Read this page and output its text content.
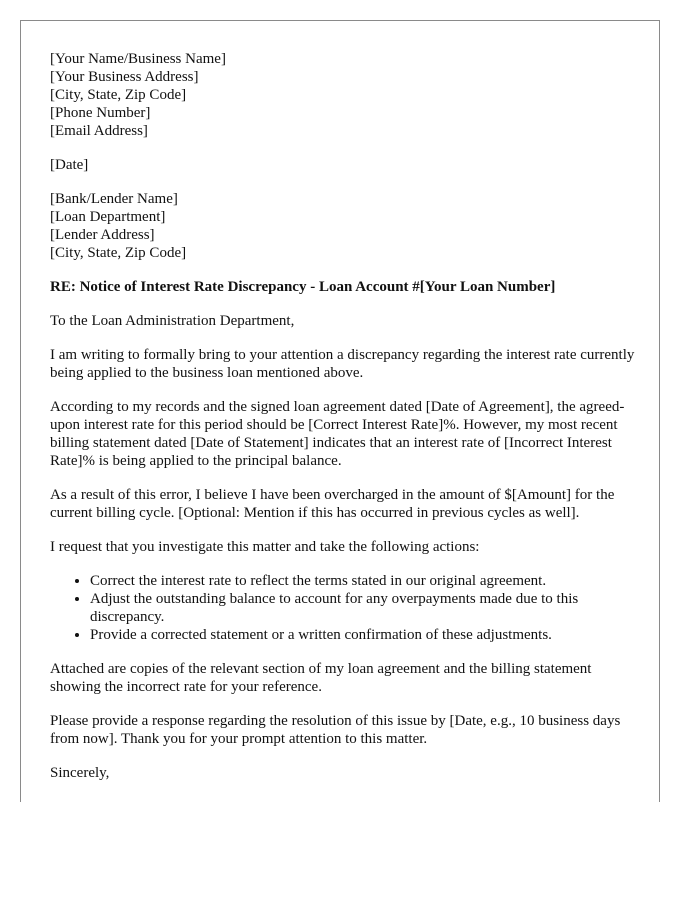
[Your Name/Business Name]
[Your Business Address]
[City, State, Zip Code]
[Phone Number]
[Email Address]
[Date]
[Bank/Lender Name]
[Loan Department]
[Lender Address]
[City, State, Zip Code]

RE: Notice of Interest Rate Discrepancy - Loan Account #[Your Loan Number]

To the Loan Administration Department,

I am writing to formally bring to your attention a discrepancy regarding the interest rate currently being applied to the business loan mentioned above.

According to my records and the signed loan agreement dated [Date of Agreement], the agreed-upon interest rate for this period should be [Correct Interest Rate]%. However, my most recent billing statement dated [Date of Statement] indicates that an interest rate of [Incorrect Interest Rate]% is being applied to the principal balance.

As a result of this error, I believe I have been overcharged in the amount of $[Amount] for the current billing cycle. [Optional: Mention if this has occurred in previous cycles as well].

I request that you investigate this matter and take the following actions:

• Correct the interest rate to reflect the terms stated in our original agreement.
• Adjust the outstanding balance to account for any overpayments made due to this discrepancy.
• Provide a corrected statement or a written confirmation of these adjustments.

Attached are copies of the relevant section of my loan agreement and the billing statement showing the incorrect rate for your reference.

Please provide a response regarding the resolution of this issue by [Date, e.g., 10 business days from now]. Thank you for your prompt attention to this matter.

Sincerely,
